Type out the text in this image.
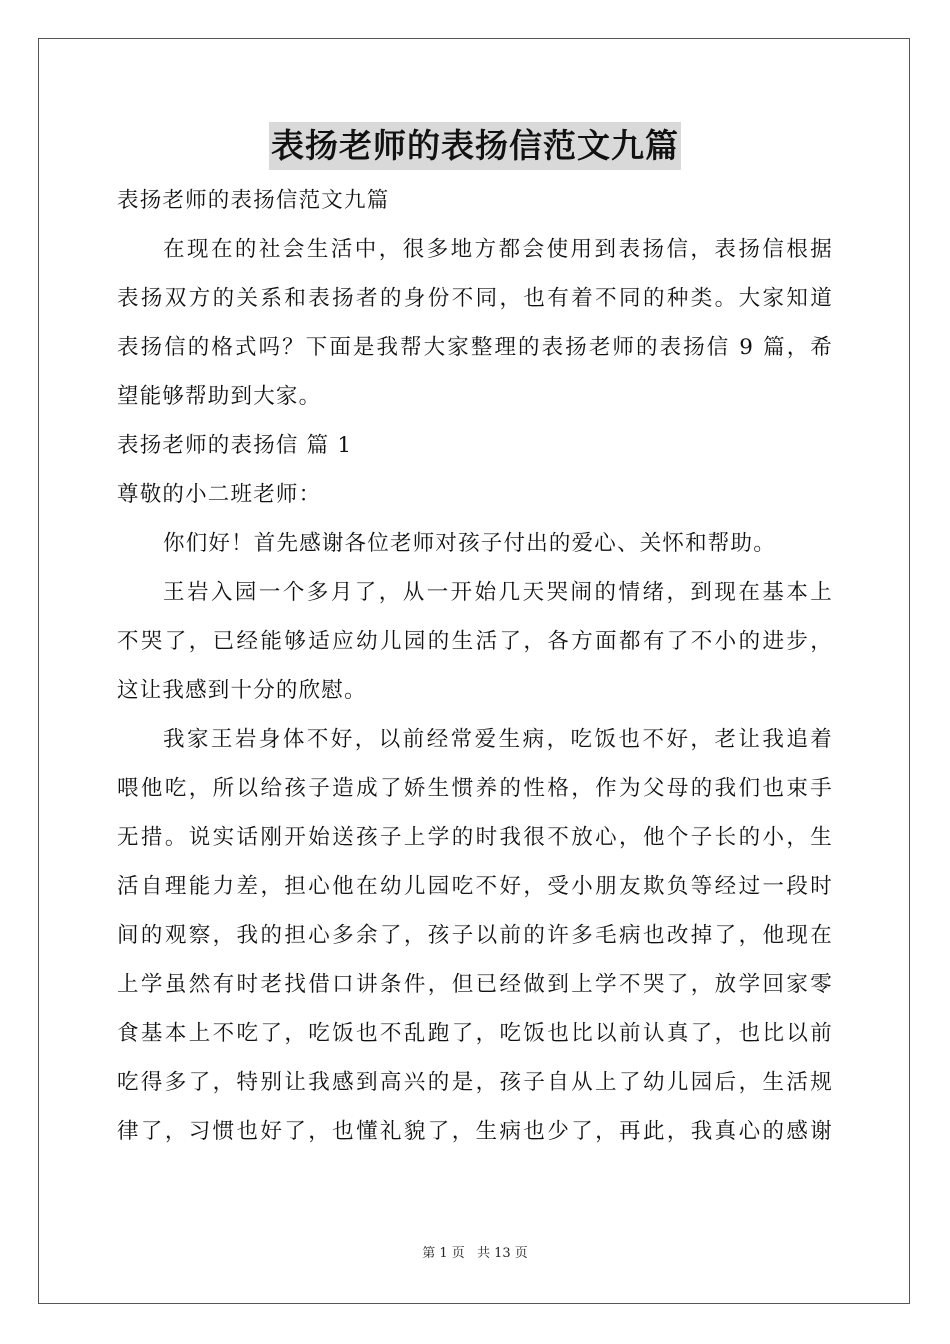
表扬老师的表扬信范文九篇
表扬老师的表扬信范文九篇
在现在的社会生活中，很多地方都会使用到表扬信，表扬信根据
表扬双方的关系和表扬者的身份不同，也有着不同的种类。大家知道
表扬信的格式吗？下面是我帮大家整理的表扬老师的表扬信 9 篇，希
望能够帮助到大家。
表扬老师的表扬信 篇 1
尊敬的小二班老师：
你们好！首先感谢各位老师对孩子付出的爱心、关怀和帮助。
王岩入园一个多月了，从一开始几天哭闹的情绪，到现在基本上
不哭了，已经能够适应幼儿园的生活了，各方面都有了不小的进步，
这让我感到十分的欣慰。
我家王岩身体不好，以前经常爱生病，吃饭也不好，老让我追着
喂他吃，所以给孩子造成了娇生惯养的性格，作为父母的我们也束手
无措。说实话刚开始送孩子上学的时我很不放心，他个子长的小，生
活自理能力差，担心他在幼儿园吃不好，受小朋友欺负等经过一段时
间的观察，我的担心多余了，孩子以前的许多毛病也改掉了，他现在
上学虽然有时老找借口讲条件，但已经做到上学不哭了，放学回家零
食基本上不吃了，吃饭也不乱跑了，吃饭也比以前认真了，也比以前
吃得多了，特别让我感到高兴的是，孩子自从上了幼儿园后，生活规
律了，习惯也好了，也懂礼貌了，生病也少了，再此，我真心的感谢
第 1 页 共 13 页
